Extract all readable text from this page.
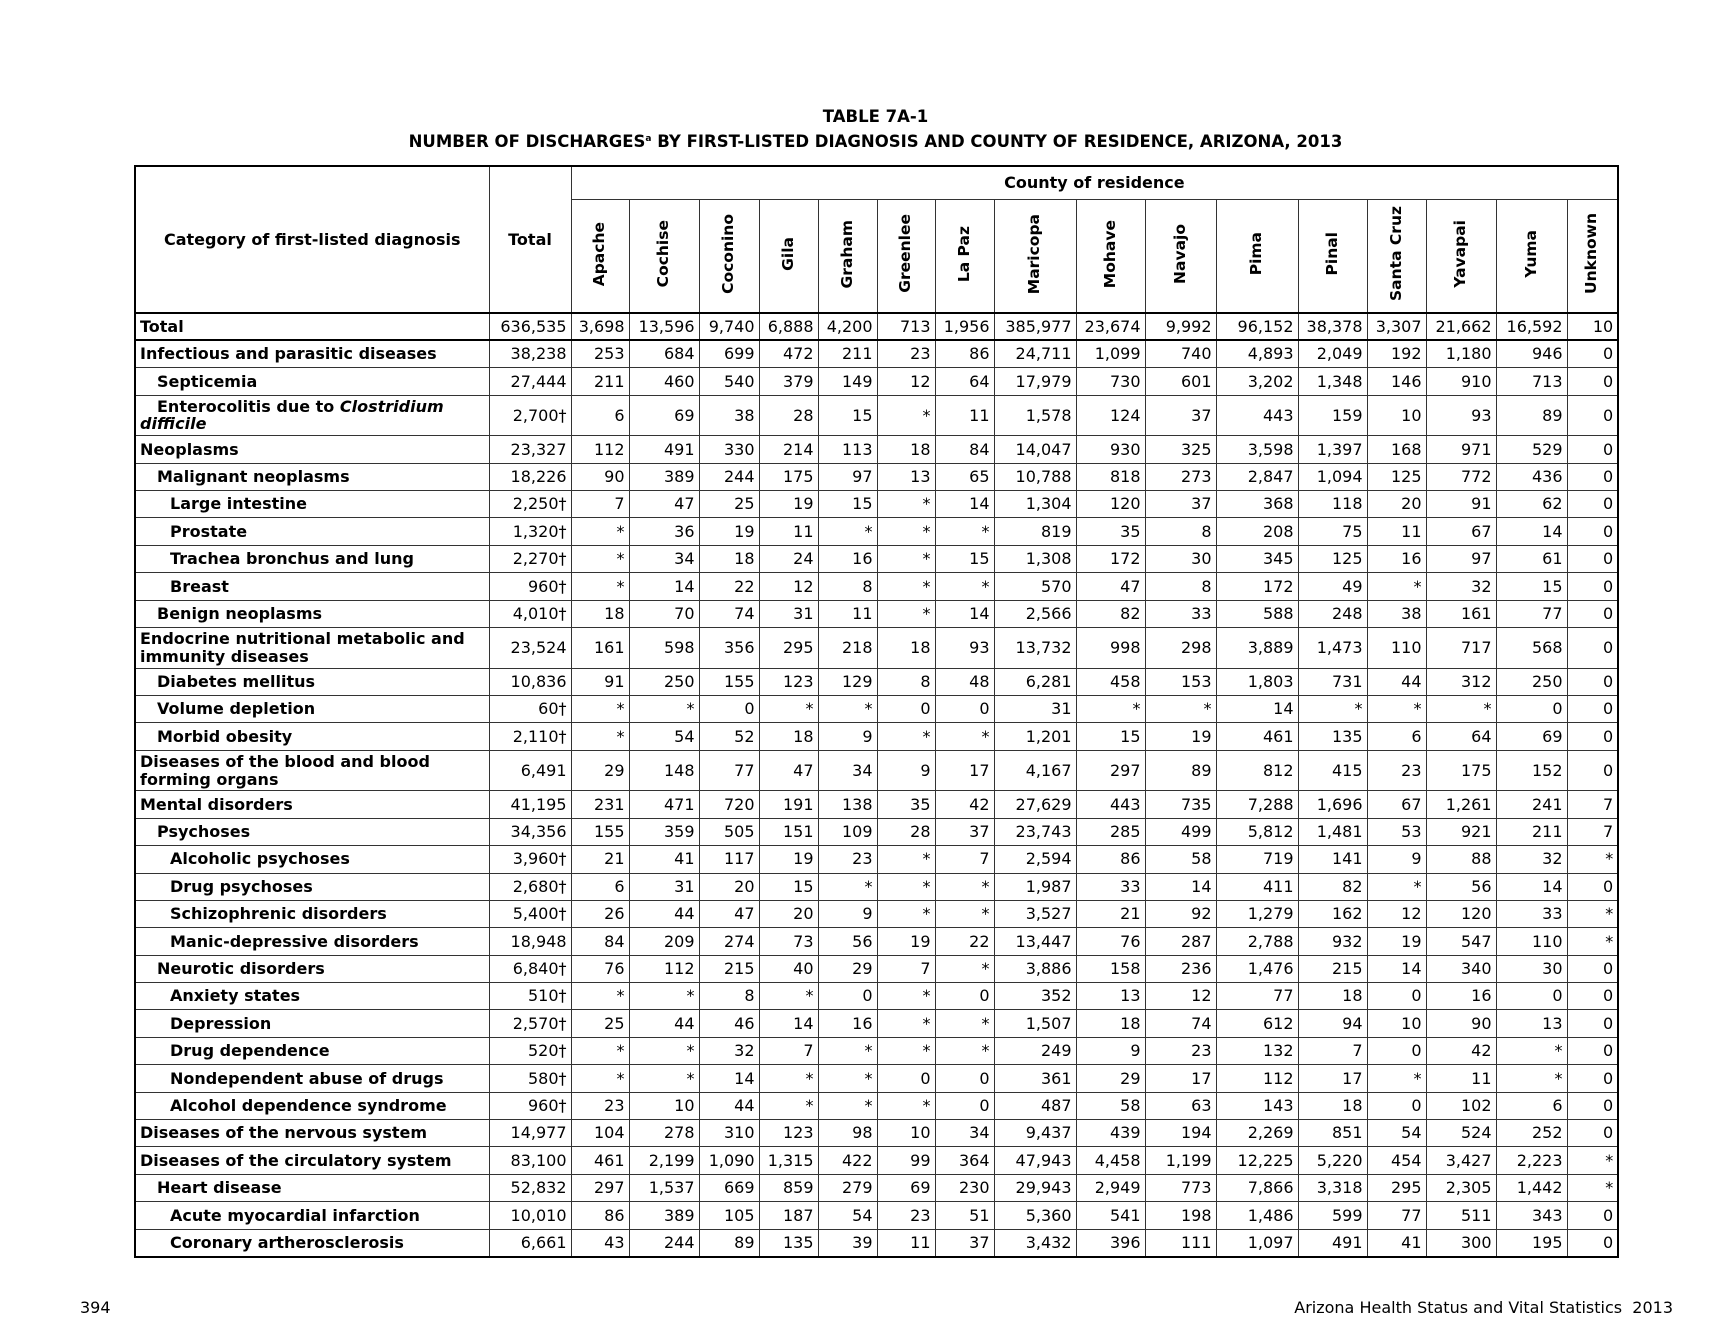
TABLE 7A-1
NUMBER OF DISCHARGES$^a$ BY FIRST-LISTED DIAGNOSIS AND COUNTY OF RESIDENCE, ARIZONA, 2013
Category of first-listed diagnosis	Total	County of residence															
		Apache	Cochise	Coconino	Gila	Graham	Greenlee	La Paz	Maricopa	Mohave	Navajo	Pima	Pinal	Santa Cruz	Yavapai	Yuma	Unknown
Total	636,535	3,698	13,596	9,740	6,888	4,200	713	1,956	385,977	23,674	9,992	96,152	38,378	3,307	21,662	16,592	10
Infectious and parasitic diseases	38,238	253	684	699	472	211	23	86	24,711	1,099	740	4,893	2,049	192	1,180	946	0
Septicemia	27,444	211	460	540	379	149	12	64	17,979	730	601	3,202	1,348	146	910	713	0
Enterocolitis due to Clostridium difficile	2,700†	6	69	38	28	15	*	11	1,578	124	37	443	159	10	93	89	0
Neoplasms	23,327	112	491	330	214	113	18	84	14,047	930	325	3,598	1,397	168	971	529	0
Malignant neoplasms	18,226	90	389	244	175	97	13	65	10,788	818	273	2,847	1,094	125	772	436	0
Large intestine	2,250†	7	47	25	19	15	*	14	1,304	120	37	368	118	20	91	62	0
Prostate	1,320†	*	36	19	11	*	*	*	819	35	8	208	75	11	67	14	0
Trachea bronchus and lung	2,270†	*	34	18	24	16	*	15	1,308	172	30	345	125	16	97	61	0
Breast	960†	*	14	22	12	8	*	*	570	47	8	172	49	*	32	15	0
Benign neoplasms	4,010†	18	70	74	31	11	*	14	2,566	82	33	588	248	38	161	77	0
Endocrine nutritional metabolic and immunity diseases	23,524	161	598	356	295	218	18	93	13,732	998	298	3,889	1,473	110	717	568	0
Diabetes mellitus	10,836	91	250	155	123	129	8	48	6,281	458	153	1,803	731	44	312	250	0
Volume depletion	60†	*	*	0	*	*	0	0	31	*	*	14	*	*	*	0	0
Morbid obesity	2,110†	*	54	52	18	9	*	*	1,201	15	19	461	135	6	64	69	0
Diseases of the blood and blood forming organs	6,491	29	148	77	47	34	9	17	4,167	297	89	812	415	23	175	152	0
Mental disorders	41,195	231	471	720	191	138	35	42	27,629	443	735	7,288	1,696	67	1,261	241	7
Psychoses	34,356	155	359	505	151	109	28	37	23,743	285	499	5,812	1,481	53	921	211	7
Alcoholic psychoses	3,960†	21	41	117	19	23	*	7	2,594	86	58	719	141	9	88	32	*
Drug psychoses	2,680†	6	31	20	15	*	*	*	1,987	33	14	411	82	*	56	14	0
Schizophrenic disorders	5,400†	26	44	47	20	9	*	*	3,527	21	92	1,279	162	12	120	33	*
Manic-depressive disorders	18,948	84	209	274	73	56	19	22	13,447	76	287	2,788	932	19	547	110	*
Neurotic disorders	6,840†	76	112	215	40	29	7	*	3,886	158	236	1,476	215	14	340	30	0
Anxiety states	510†	*	*	8	*	0	*	0	352	13	12	77	18	0	16	0	0
Depression	2,570†	25	44	46	14	16	*	*	1,507	18	74	612	94	10	90	13	0
Drug dependence	520†	*	*	32	7	*	*	*	249	9	23	132	7	0	42	*	0
Nondependent abuse of drugs	580†	*	*	14	*	*	0	0	361	29	17	112	17	*	11	*	0
Alcohol dependence syndrome	960†	23	10	44	*	*	*	0	487	58	63	143	18	0	102	6	0
Diseases of the nervous system	14,977	104	278	310	123	98	10	34	9,437	439	194	2,269	851	54	524	252	0
Diseases of the circulatory system	83,100	461	2,199	1,090	1,315	422	99	364	47,943	4,458	1,199	12,225	5,220	454	3,427	2,223	*
Heart disease	52,832	297	1,537	669	859	279	69	230	29,943	2,949	773	7,866	3,318	295	2,305	1,442	*
Acute myocardial infarction	10,010	86	389	105	187	54	23	51	5,360	541	198	1,486	599	77	511	343	0
Coronary artherosclerosis	6,661	43	244	89	135	39	11	37	3,432	396	111	1,097	491	41	300	195	0
394	Arizona Health Status and Vital Statistics  2013
